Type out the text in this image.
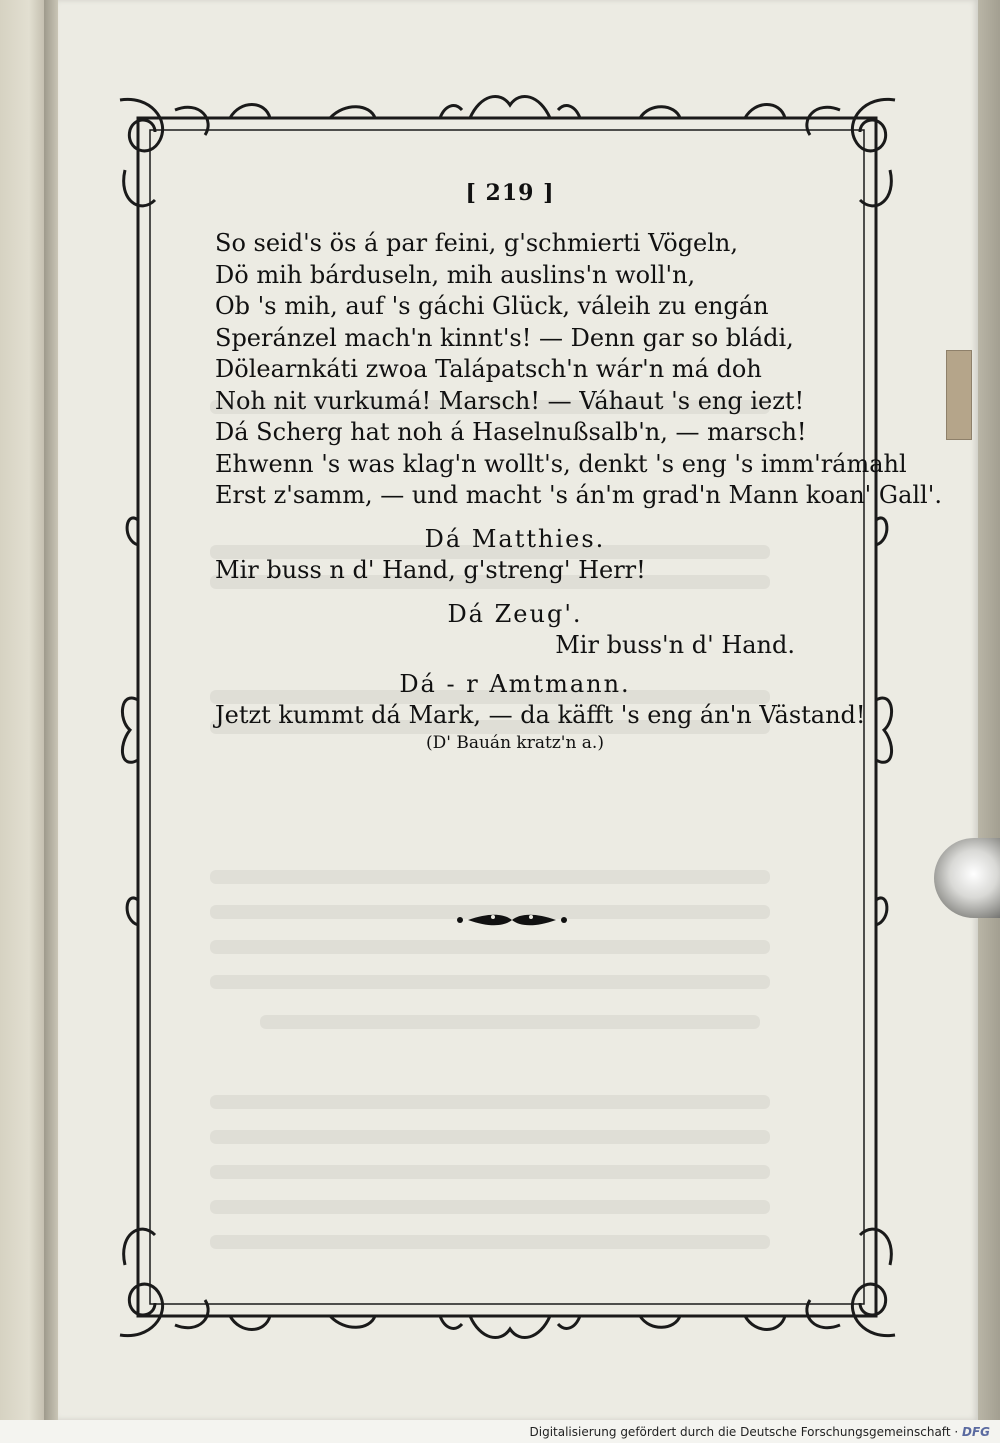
[ 219 ]
So seid's ös á par feini, g'schmierti Vögeln,
Dö mih bárduseln, mih auslins'n woll'n,
Ob 's mih, auf 's gáchi Glück, váleih zu engán
Speránzel mach'n kinnt's! — Denn gar so bládi,
Dölearnkáti zwoa Talápatsch'n wár'n má doh
Noh nit vurkumá! Marsch! — Váhaut 's eng iezt!
Dá Scherg hat noh á Haselnußsalb'n, — marsch!
Ehwenn 's was klag'n wollt's, denkt 's eng 's imm'rámahl
Erst z'samm, — und macht 's án'm grad'n Mann koan' Gall'.
Dá Matthies.
Mir buss n d' Hand, g'streng' Herr!
Dá Zeug'.
Mir buss'n d' Hand.
Dá - r Amtmann.
Jetzt kummt dá Mark, — da käfft 's eng án'n Västand!
(D' Bauán kratz'n a.)
Digitalisierung gefördert durch die Deutsche Forschungsgemeinschaft · DFG
